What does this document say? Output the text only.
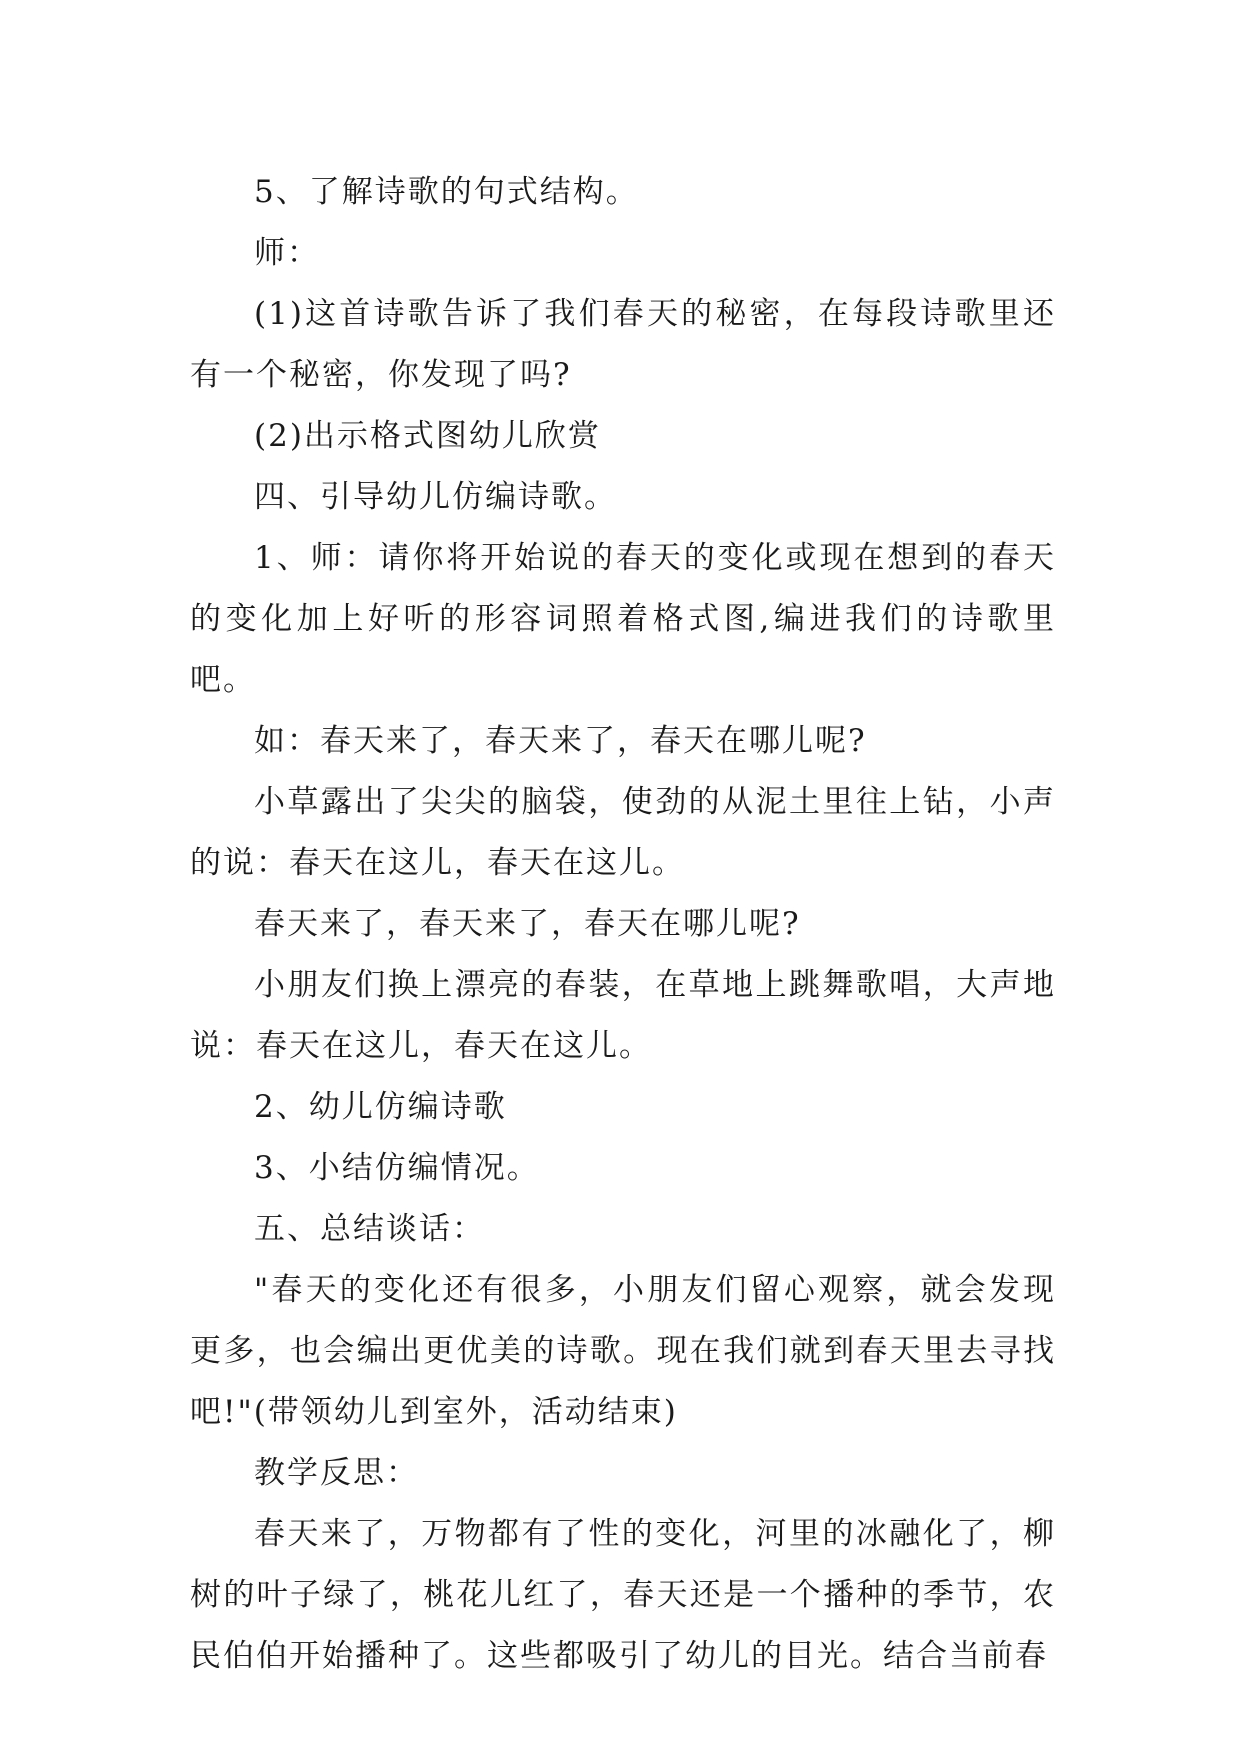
5、了解诗歌的句式结构。

师：

(1)这首诗歌告诉了我们春天的秘密，在每段诗歌里还有一个秘密，你发现了吗?

(2)出示格式图幼儿欣赏

四、引导幼儿仿编诗歌。

1、师：请你将开始说的春天的变化或现在想到的春天的变化加上好听的形容词照着格式图,编进我们的诗歌里吧。

如：春天来了，春天来了，春天在哪儿呢?

小草露出了尖尖的脑袋，使劲的从泥土里往上钻，小声的说：春天在这儿，春天在这儿。

春天来了，春天来了，春天在哪儿呢?

小朋友们换上漂亮的春装，在草地上跳舞歌唱，大声地说：春天在这儿，春天在这儿。

2、幼儿仿编诗歌

3、小结仿编情况。

五、总结谈话：

"春天的变化还有很多，小朋友们留心观察，就会发现更多，也会编出更优美的诗歌。现在我们就到春天里去寻找吧!"(带领幼儿到室外，活动结束)

教学反思：

春天来了，万物都有了性的变化，河里的冰融化了，柳树的叶子绿了，桃花儿红了，春天还是一个播种的季节，农民伯伯开始播种了。这些都吸引了幼儿的目光。结合当前春
